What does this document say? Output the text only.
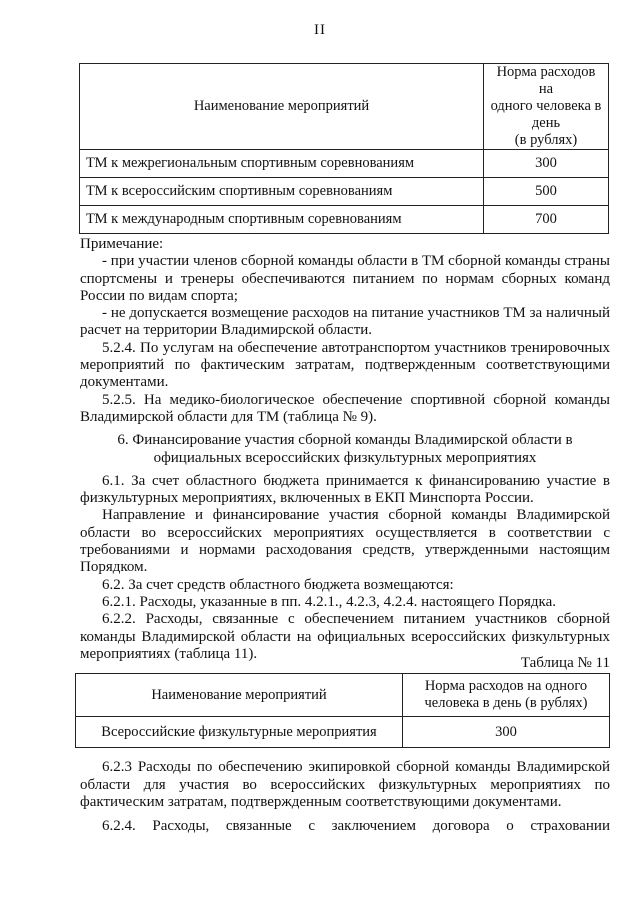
II
Наименование мероприятий	Норма расходов на
одного человека в день
(в рублях)
ТМ к межрегиональным спортивным соревнованиям	300
ТМ к всероссийским спортивным соревнованиям	500
ТМ к международным спортивным соревнованиям	700

Примечание:

- при участии членов сборной команды области в ТМ сборной команды страны спортсмены и тренеры обеспечиваются питанием по нормам сборных команд России по видам спорта;

- не допускается возмещение расходов на питание участников ТМ за наличный расчет на территории Владимирской области.

5.2.4. По услугам на обеспечение автотранспортом участников тренировочных мероприятий по фактическим затратам, подтвержденным соответствующими документами.

5.2.5. На медико-биологическое обеспечение спортивной сборной команды Владимирской области для ТМ (таблица № 9).

6. Финансирование участия сборной команды Владимирской области в официальных всероссийских физкультурных мероприятиях

6.1. За счет областного бюджета принимается к финансированию участие в физкультурных мероприятиях, включенных в ЕКП Минспорта России.

Направление и финансирование участия сборной команды Владимирской области во всероссийских мероприятиях осуществляется в соответствии с требованиями и нормами расходования средств, утвержденными настоящим Порядком.

6.2. За счет средств областного бюджета возмещаются:

6.2.1. Расходы, указанные в пп. 4.2.1., 4.2.3, 4.2.4. настоящего Порядка.

6.2.2. Расходы, связанные с обеспечением питанием участников сборной команды Владимирской области на официальных всероссийских физкультурных мероприятиях (таблица 11).

Таблица № 11
Наименование мероприятий	Норма расходов на одного
человека в день (в рублях)
Всероссийские физкультурные мероприятия	300

6.2.3 Расходы по обеспечению экипировкой сборной команды Владимирской области для участия во всероссийских физкультурных мероприятиях по фактическим затратам, подтвержденным соответствующими документами.

6.2.4. Расходы, связанные с заключением договора о страховании
